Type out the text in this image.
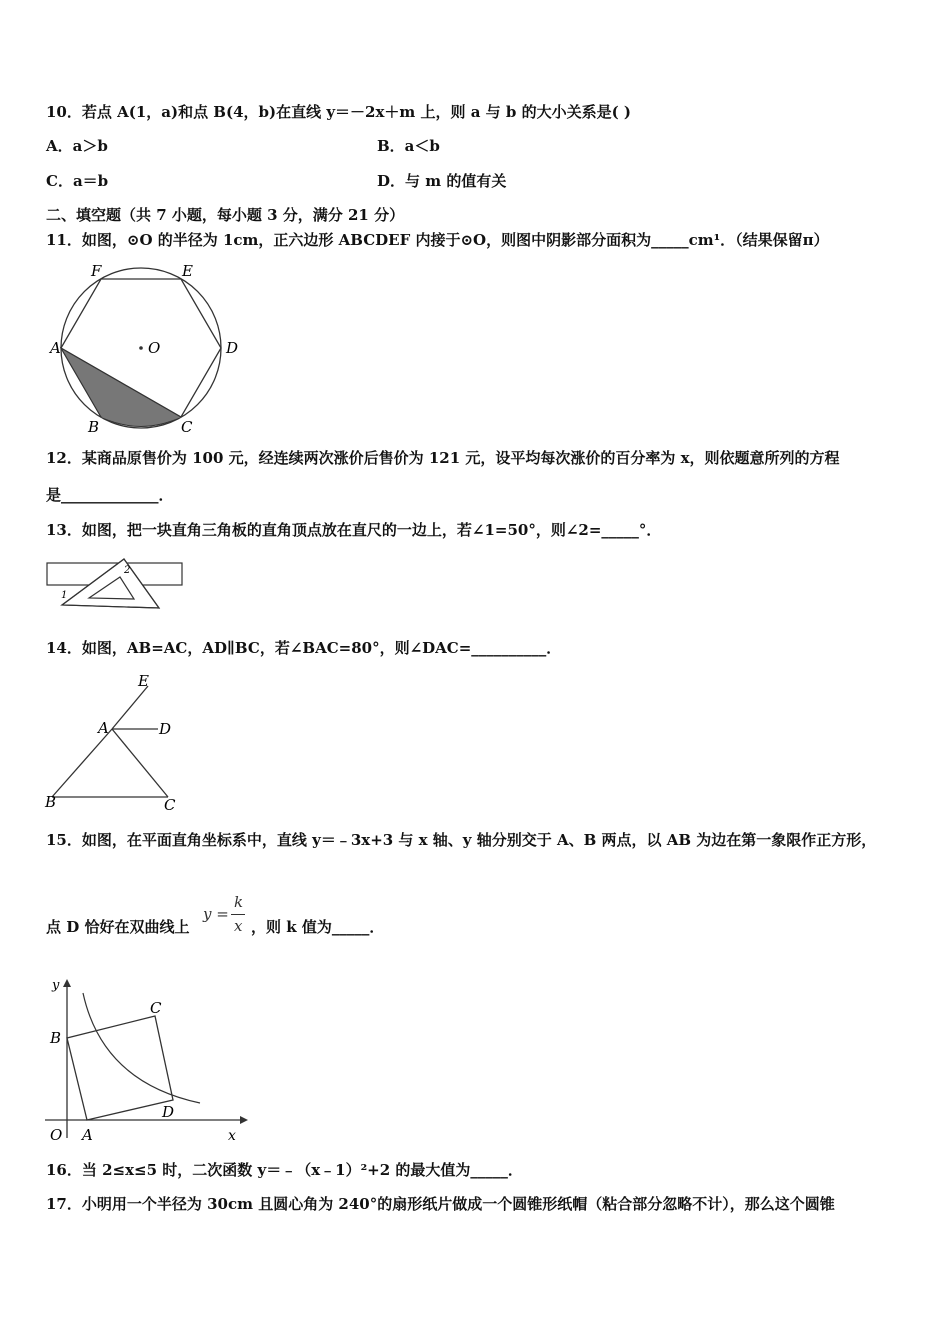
10．若点 A(1，a)和点 B(4，b)在直线 y＝－2x＋m 上，则 a 与 b 的大小关系是( )
A．a＞b	B．a＜b
C．a＝b	D．与 m 的值有关
二、填空题（共 7 小题，每小题 3 分，满分 21 分）
11．如图，⊙O 的半径为 1cm，正六边形 ABCDEF 内接于⊙O，则图中阴影部分面积为_____cm¹．（结果保留π）
A
B	C
D
E
F
O
12．某商品原售价为 100 元，经连续两次涨价后售价为 121 元，设平均每次涨价的百分率为 x，则依题意所列的方程
是_____________．
13．如图，把一块直角三角板的直角顶点放在直尺的一边上，若∠1=50°，则∠2=_____°．
2
1
14．如图，AB=AC，AD∥BC，若∠BAC=80°，则∠DAC=__________．
A
B	C
D
E
15．如图，在平面直角坐标系中，直线 y＝﹣3x+3 与 x 轴、y 轴分别交于 A、B 两点，以 AB 为边在第一象限作正方形，
点 D 恰好在双曲线上
y =
k
x ，则 k 值为_____．
O A
B
C
D
y
x
16．当 2≤x≤5 时，二次函数 y＝﹣（x﹣1）²+2 的最大值为_____．
17．小明用一个半径为 30cm 且圆心角为 240°的扇形纸片做成一个圆锥形纸帽（粘合部分忽略不计），那么这个圆锥
